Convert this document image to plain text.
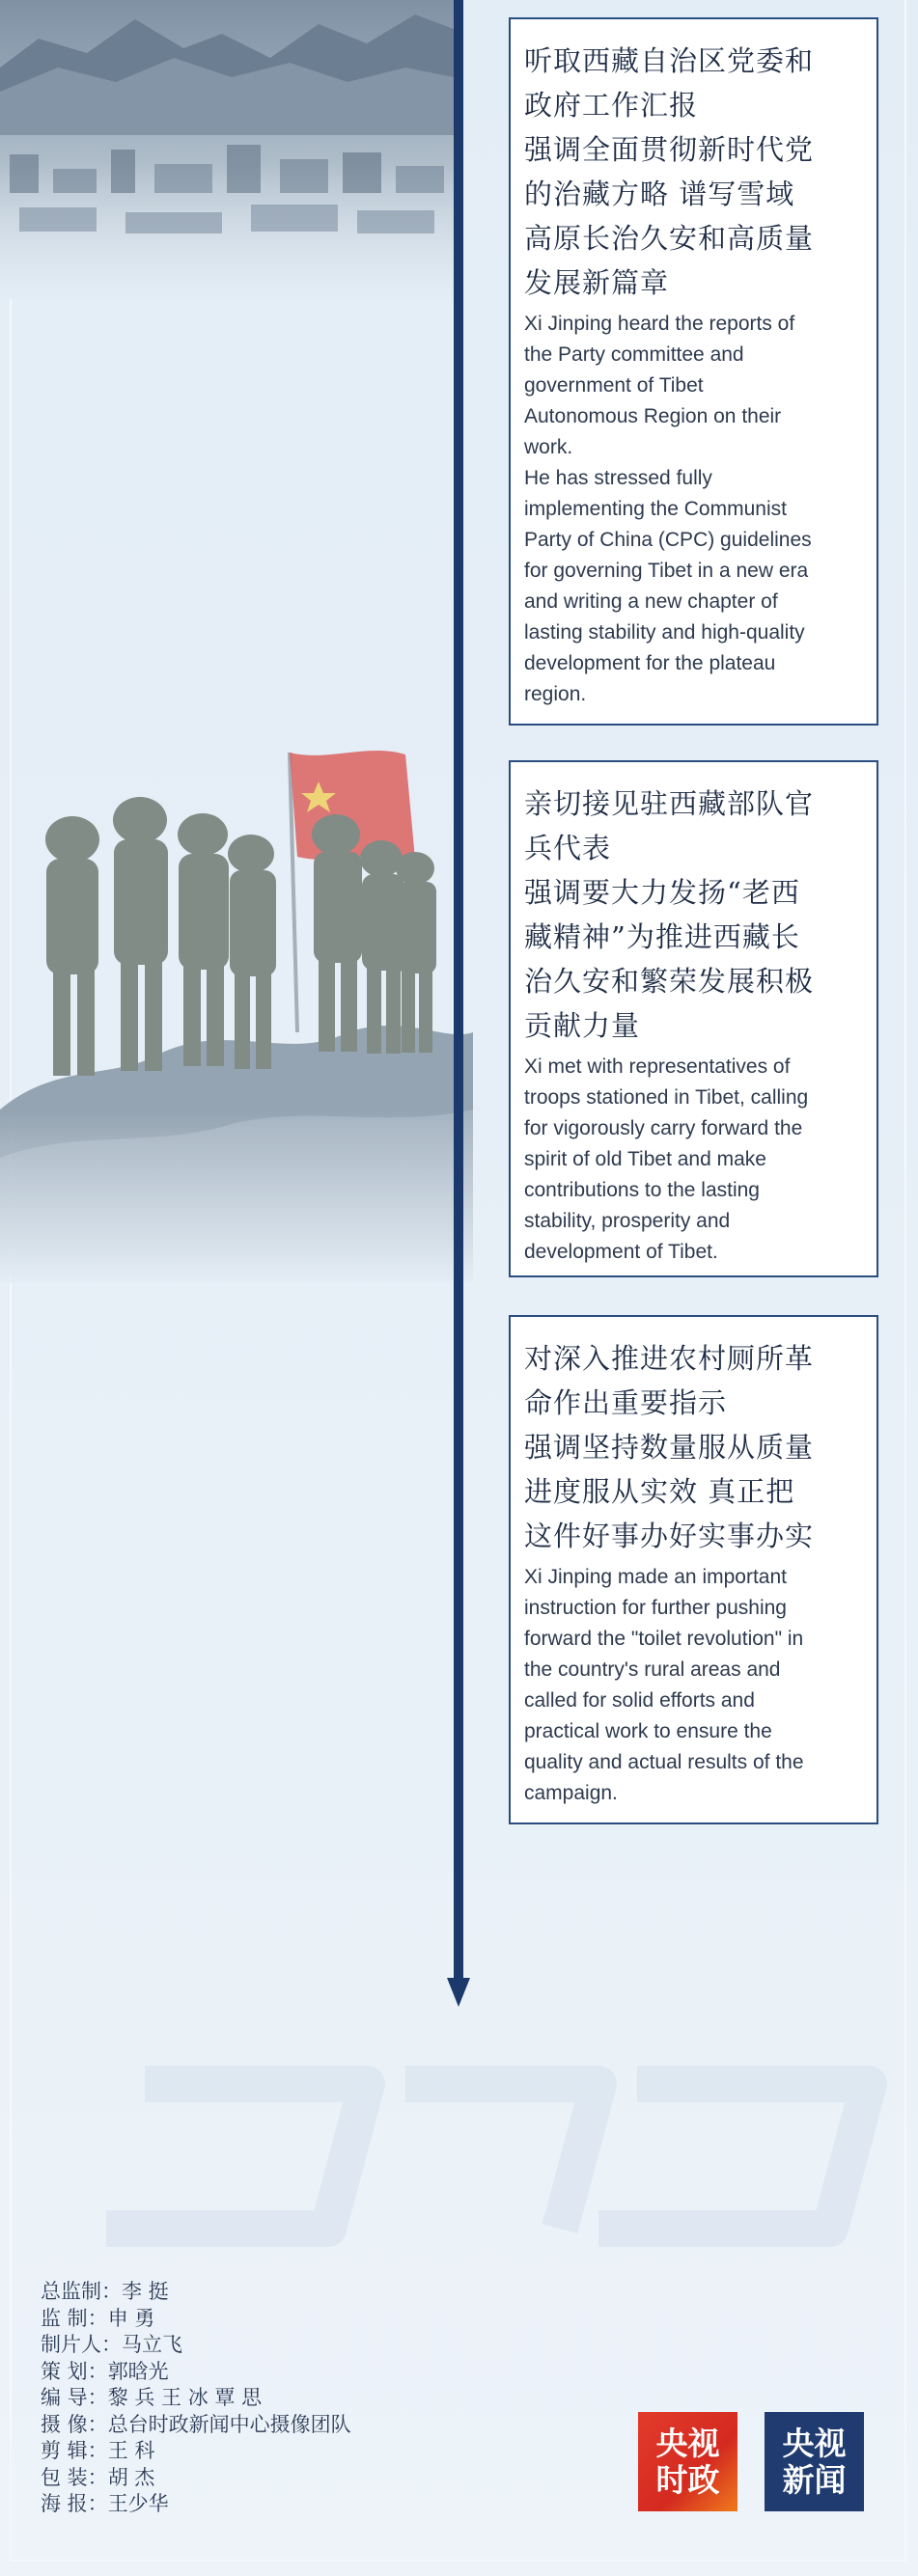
听取西藏自治区党委和
政府工作汇报
强调全面贯彻新时代党
的治藏方略 谱写雪域
高原长治久安和高质量
发展新篇章

Xi Jinping heard the reports of
the Party committee and
government of Tibet
Autonomous Region on their
work.
He has stressed fully
implementing the Communist
Party of China (CPC) guidelines
for governing Tibet in a new era
and writing a new chapter of
lasting stability and high-quality
development for the plateau
region.

亲切接见驻西藏部队官
兵代表
强调要大力发扬“老西
藏精神”为推进西藏长
治久安和繁荣发展积极
贡献力量

Xi met with representatives of
troops stationed in Tibet, calling
for vigorously carry forward the
spirit of old Tibet and make
contributions to the lasting
stability, prosperity and
development of Tibet.

对深入推进农村厕所革
命作出重要指示
强调坚持数量服从质量
进度服从实效 真正把
这件好事办好实事办实

Xi Jinping made an important
instruction for further pushing
forward the "toilet revolution" in
the country's rural areas and
called for solid efforts and
practical work to ensure the
quality and actual results of the
campaign.

总监制：李 挺
监 制：申 勇
制片人：马立飞
策 划：郭晗光
编 导：黎 兵 王 冰 覃 思
摄 像：总台时政新闻中心摄像团队
剪 辑：王 科
包 装：胡 杰
海 报：王少华
央视
时政
央视
新闻
